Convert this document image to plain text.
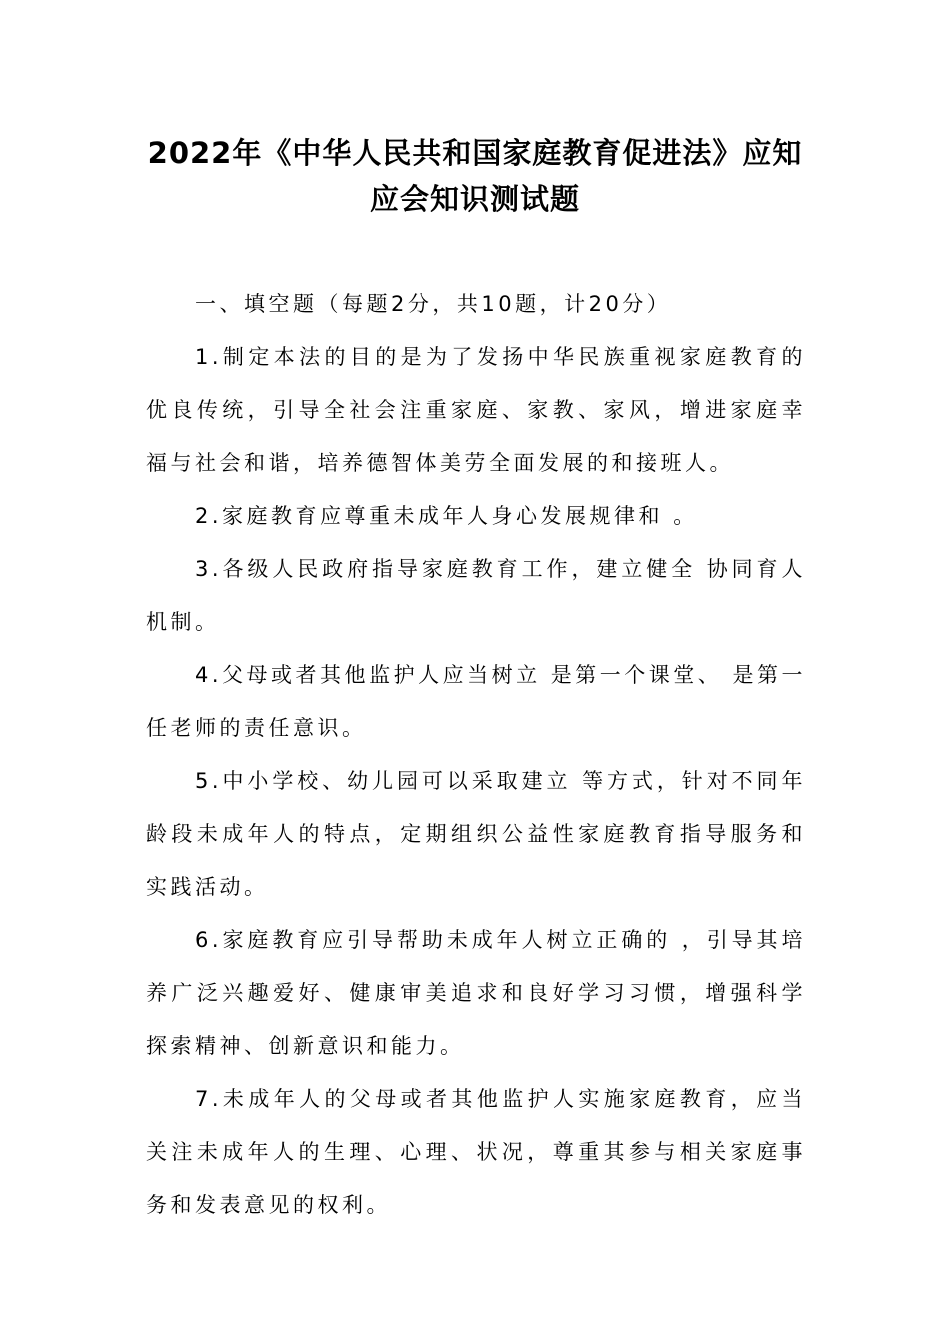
2022年《中华人民共和国家庭教育促进法》应知
应会知识测试题

一、填空题（每题2分，共10题，计20分）

1.制定本法的目的是为了发扬中华民族重视家庭教育的优良传统，引导全社会注重家庭、家教、家风，增进家庭幸福与社会和谐，培养德智体美劳全面发展的和接班人。

2.家庭教育应尊重未成年人身心发展规律和 。

3.各级人民政府指导家庭教育工作，建立健全 协同育人机制。

4.父母或者其他监护人应当树立 是第一个课堂、 是第一任老师的责任意识。

5.中小学校、幼儿园可以采取建立 等方式，针对不同年龄段未成年人的特点，定期组织公益性家庭教育指导服务和实践活动。

6.家庭教育应引导帮助未成年人树立正确的 ，引导其培养广泛兴趣爱好、健康审美追求和良好学习习惯，增强科学探索精神、创新意识和能力。

7.未成年人的父母或者其他监护人实施家庭教育，应当关注未成年人的生理、心理、状况，尊重其参与相关家庭事务和发表意见的权利。
